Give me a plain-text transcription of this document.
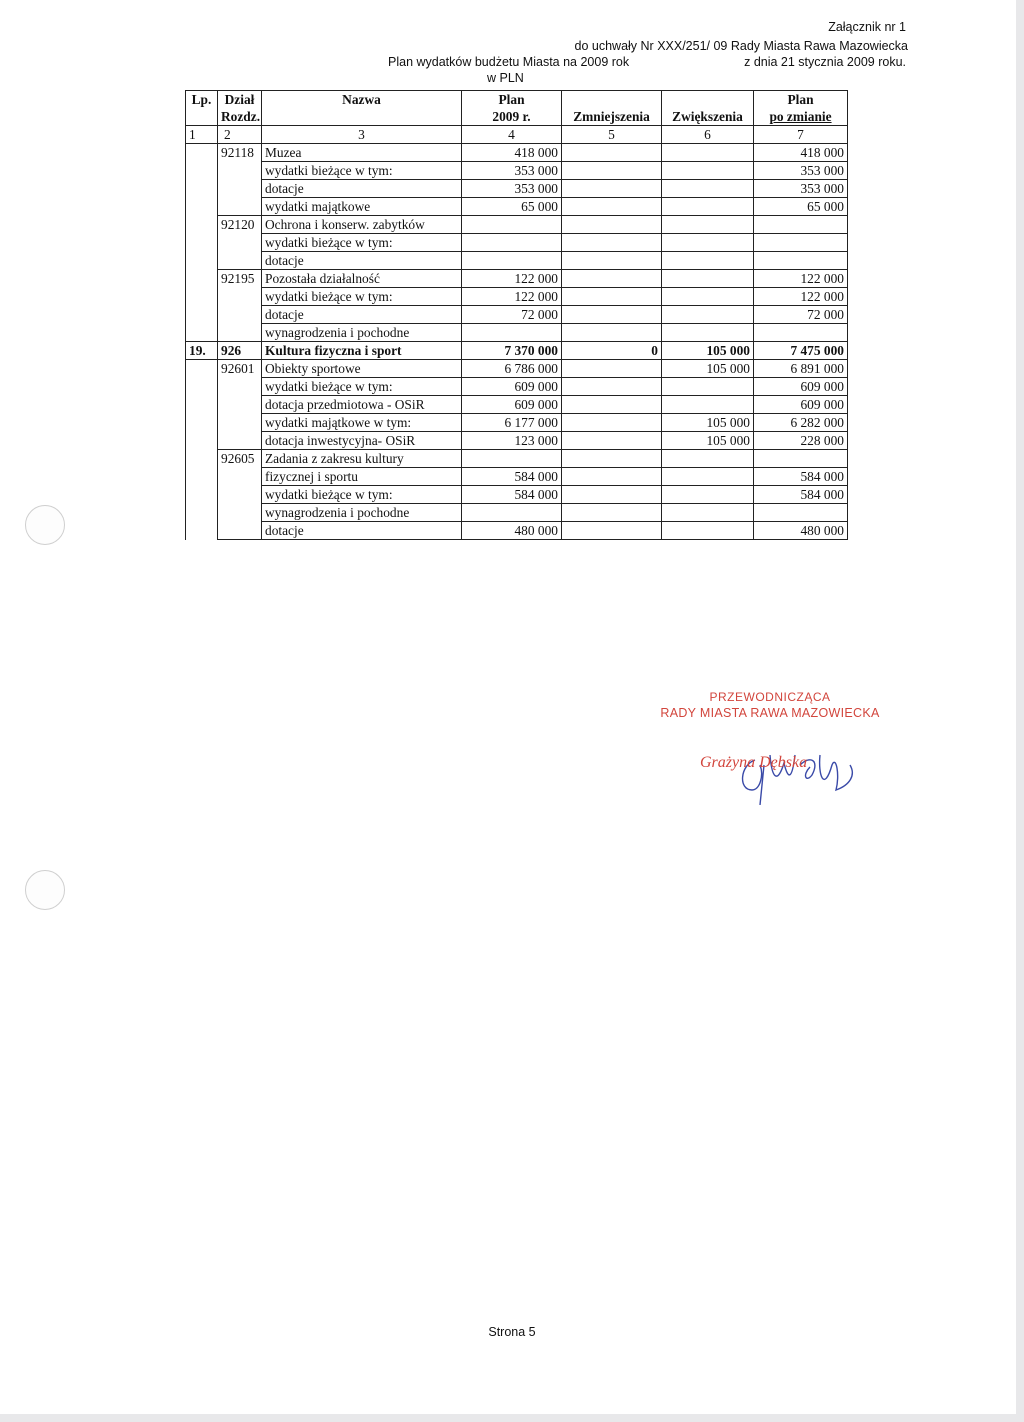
Załącznik nr 1
do uchwały Nr XXX/251/ 09 Rady Miasta Rawa Mazowiecka
Plan wydatków budżetu Miasta na 2009 rok	z dnia 21 stycznia 2009 roku.
w PLN
Lp.	Dział	Nazwa	Plan			Plan
	Rozdz.		2009 r.	Zmniejszenia	Zwiększenia	po zmianie
1	2	3	4	5	6	7
	92118	Muzea	418 000			418 000
		wydatki bieżące w tym:	353 000			353 000
		dotacje	353 000			353 000
		wydatki majątkowe	65 000			65 000
	92120	Ochrona i konserw. zabytków				
		wydatki bieżące w tym:				
		dotacje				
	92195	Pozostała działalność	122 000			122 000
		wydatki bieżące w tym:	122 000			122 000
		dotacje	72 000			72 000
		wynagrodzenia i pochodne				
19.	926	Kultura fizyczna i sport	7 370 000	0	105 000	7 475 000
	92601	Obiekty sportowe	6 786 000		105 000	6 891 000
		wydatki bieżące w tym:	609 000			609 000
		dotacja przedmiotowa - OSiR	609 000			609 000
		wydatki majątkowe w tym:	6 177 000		105 000	6 282 000
		dotacja inwestycyjna- OSiR	123 000		105 000	228 000
	92605	Zadania z zakresu kultury				
		fizycznej i sportu	584 000			584 000
		wydatki bieżące w tym:	584 000			584 000
		wynagrodzenia i pochodne				
		dotacje	480 000			480 000
PRZEWODNICZĄCA
RADY MIASTA RAWA MAZOWIECKA
Grażyna Dębska
Strona 5
